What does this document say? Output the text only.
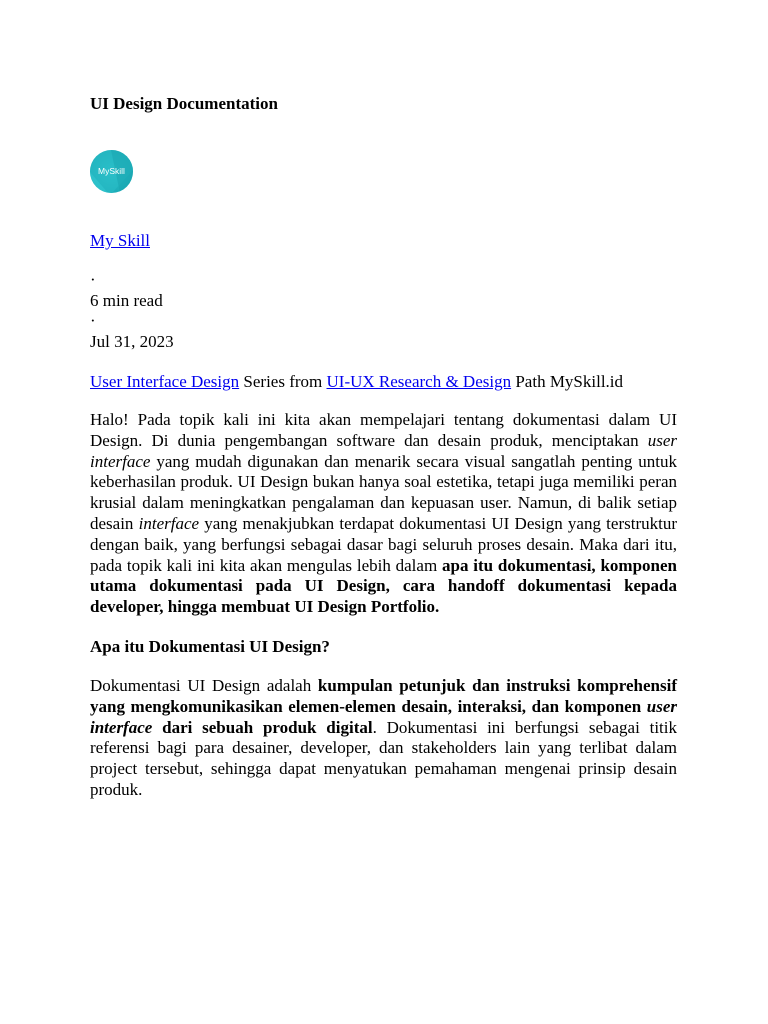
UI Design Documentation
MySkill
My Skill
·
6 min read
·
Jul 31, 2023
User Interface Design Series from UI-UX Research & Design Path MySkill.id

Halo! Pada topik kali ini kita akan mempelajari tentang dokumentasi dalam UI Design. Di dunia pengembangan software dan desain produk, menciptakan user interface yang mudah digunakan dan menarik secara visual sangatlah penting untuk keberhasilan produk. UI Design bukan hanya soal estetika, tetapi juga memiliki peran krusial dalam meningkatkan pengalaman dan kepuasan user. Namun, di balik setiap desain interface yang menakjubkan terdapat dokumentasi UI Design yang terstruktur dengan baik, yang berfungsi sebagai dasar bagi seluruh proses desain. Maka dari itu, pada topik kali ini kita akan mengulas lebih dalam apa itu dokumentasi, komponen utama dokumentasi pada UI Design, cara handoff dokumentasi kepada developer, hingga membuat UI Design Portfolio.

Apa itu Dokumentasi UI Design?

Dokumentasi UI Design adalah kumpulan petunjuk dan instruksi komprehensif yang mengkomunikasikan elemen-elemen desain, interaksi, dan komponen user interface dari sebuah produk digital. Dokumentasi ini berfungsi sebagai titik referensi bagi para desainer, developer, dan stakeholders lain yang terlibat dalam project tersebut, sehingga dapat menyatukan pemahaman mengenai prinsip desain produk.
